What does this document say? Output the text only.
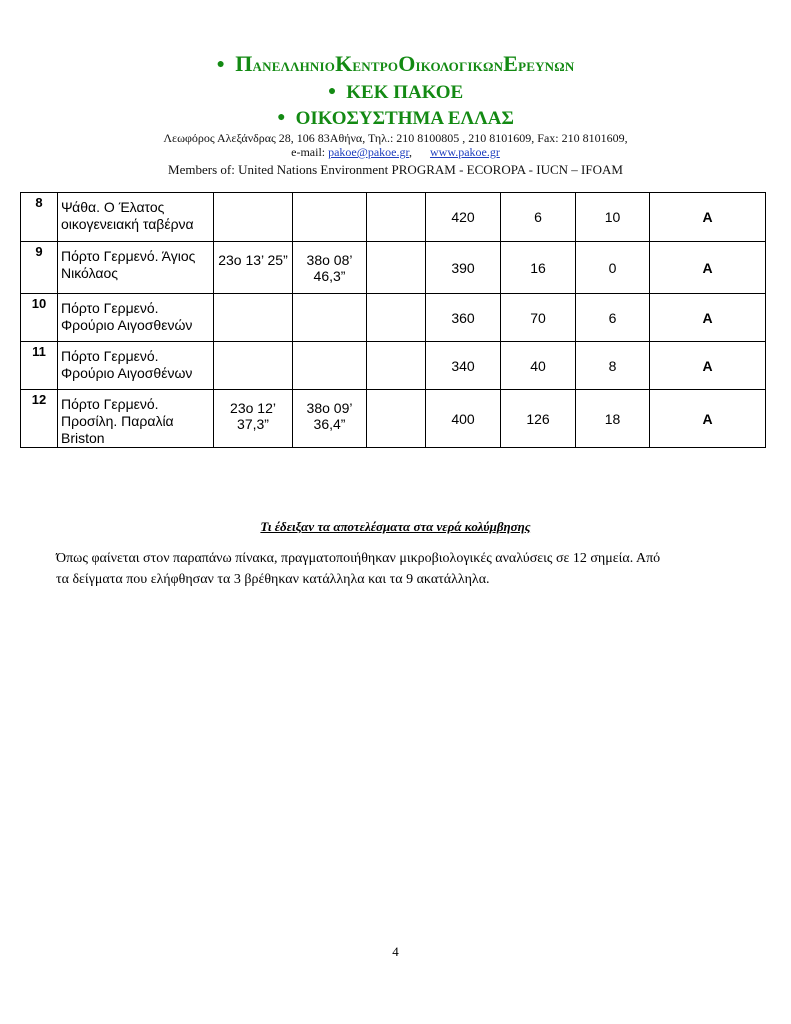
● ΠΑΝΕΛΛΗΝΙΟΚΕΝΤΡΟΟΙΚΟΛΟΓΙΚΩΝΕΡΕΥΝΩΝ
● ΚΕΚ ΠΑΚΟΕ
● ΟΙΚΟΣΥΣΤΗΜΑ ΕΛΛΑΣ
Λεωφόρος Αλεξάνδρας 28, 106 83Αθήνα, Τηλ.: 210 8100805 , 210 8101609, Fax: 210 8101609,
e-mail: pakoe@pakoe.gr, www.pakoe.gr
Members of: United Nations Environment PROGRAM - ECOROPA - IUCN – IFOAM
8	Ψάθα. Ο Έλατος οικογενειακή ταβέρνα				420	6	10	A
9	Πόρτο Γερμενό. Άγιος Νικόλαος	23ο 13’ 25”	38ο 08’ 46,3”		390	16	0	A
10	Πόρτο Γερμενό. Φρούριο Αιγοσθενών				360	70	6	A
11	Πόρτο Γερμενό. Φρούριο Αιγοσθένων				340	40	8	A
12	Πόρτο Γερμενό. Προσίλη. Παραλία Briston	23ο 12’ 37,3”	38ο 09’ 36,4”		400	126	18	A
Τι έδειξαν τα αποτελέσματα στα νερά κολύμβησης
Όπως φαίνεται στον παραπάνω πίνακα, πραγματοποιήθηκαν μικροβιολογικές αναλύσεις σε 12 σημεία. Από τα δείγματα που ελήφθησαν τα 3 βρέθηκαν κατάλληλα και τα 9 ακατάλληλα.
4
